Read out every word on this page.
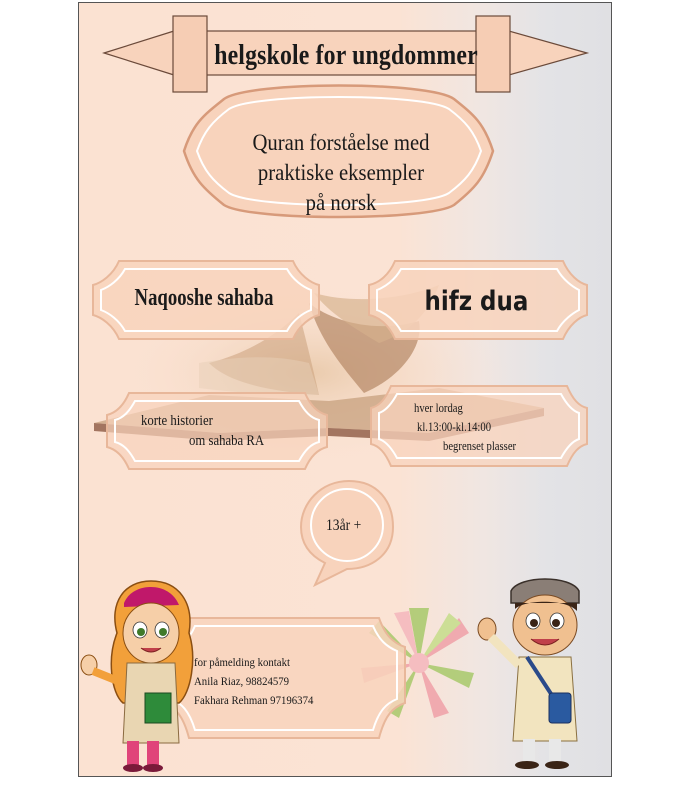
helgskole for ungdommer
Quran forståelse med
praktiske eksempler
på norsk
Naqooshe sahaba	hifz dua
korte historier
om sahaba RA
hver lordag
kl.13:00-kl.14:00
begrenset plasser
13år +
for påmelding kontakt
Anila Riaz, 98824579
Fakhara Rehman 97196374
